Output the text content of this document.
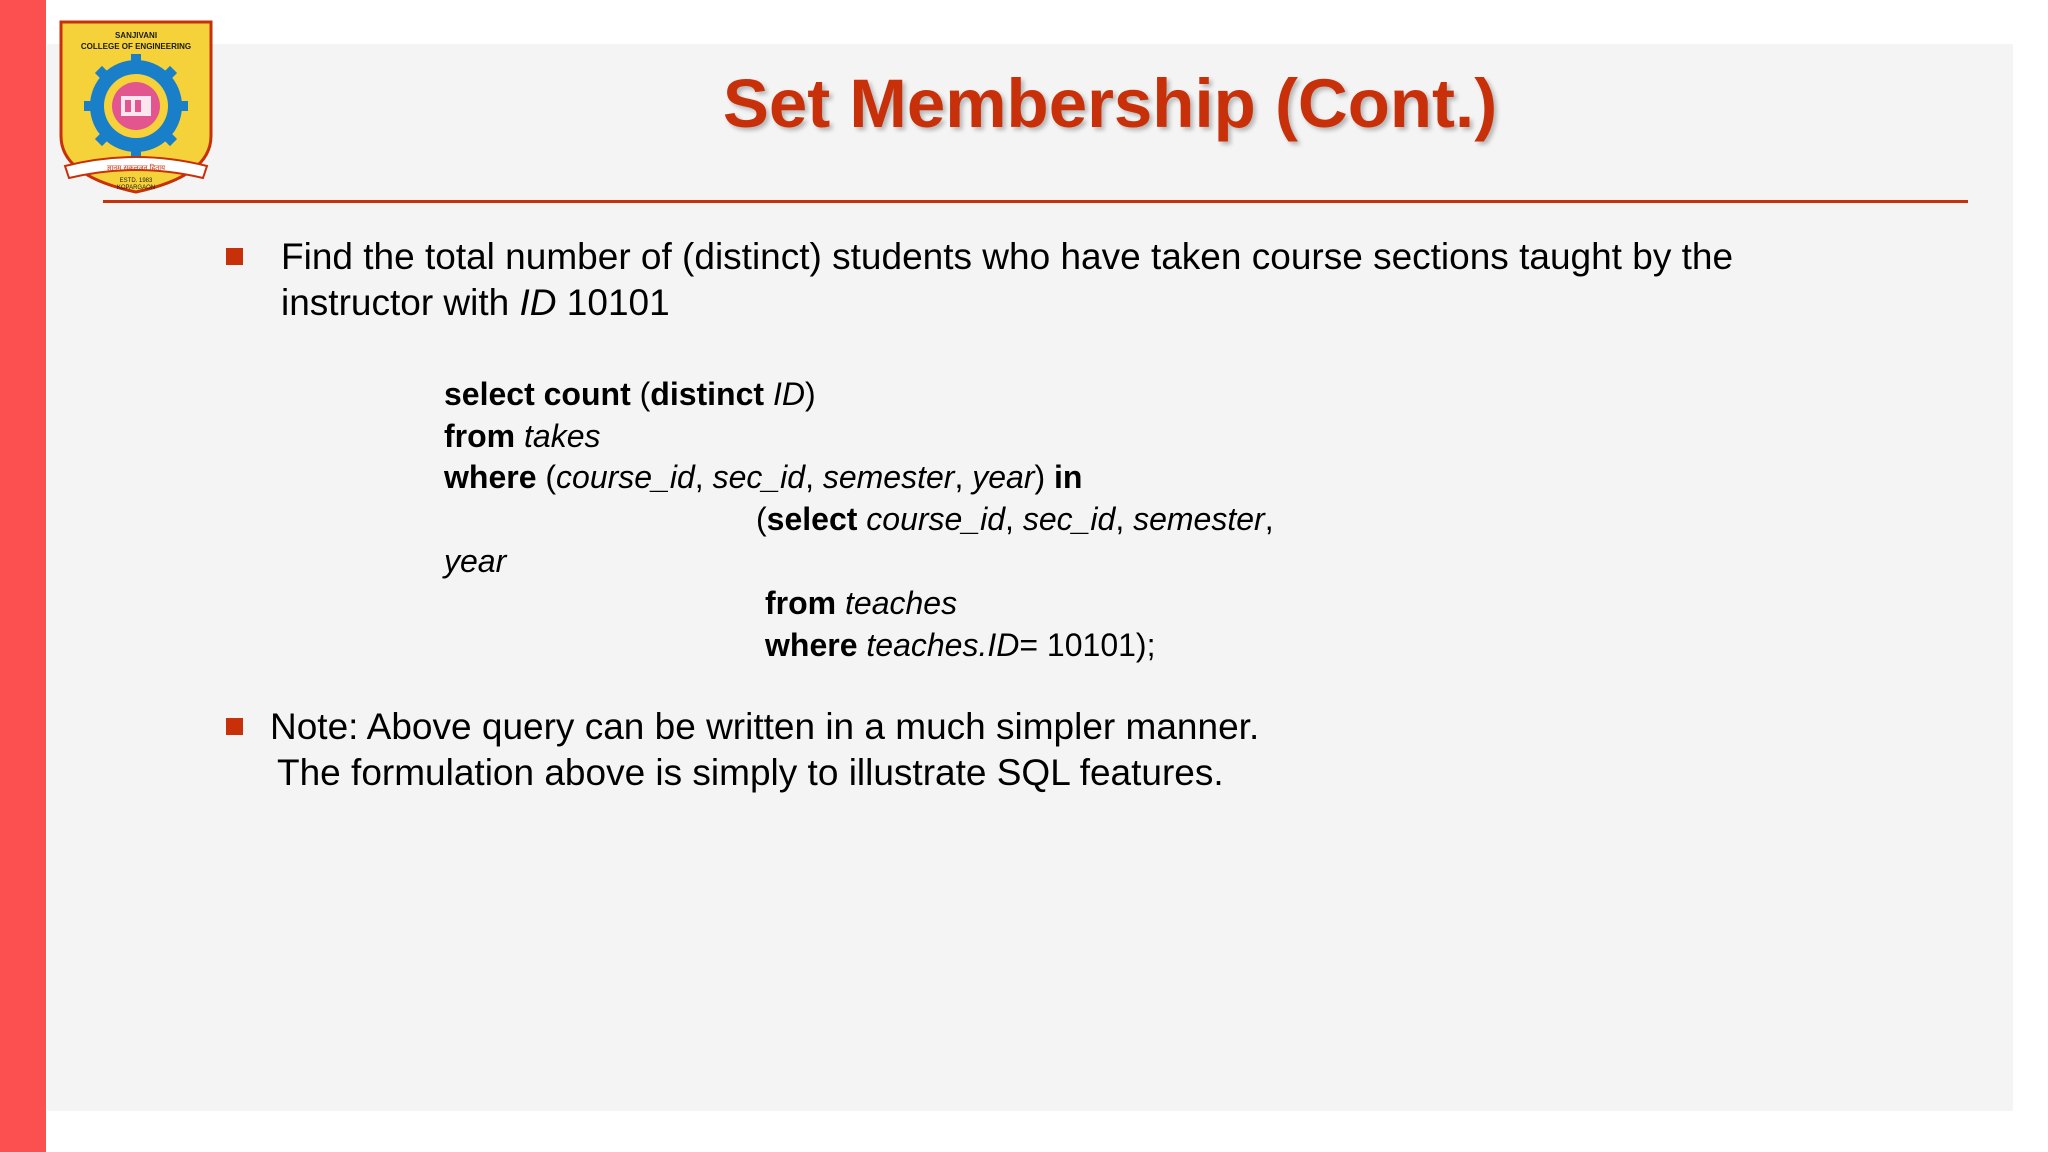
SANJIVANI
COLLEGE OF ENGINEERING
ज्ञानम् सकलजन हिताय
ESTD. 1983
KOPARGAON
Set Membership (Cont.)
Find the total number of (distinct) students who have taken course sections taught by the
instructor with ID 10101
select count (distinct ID)
from takes
where (course_id, sec_id, semester, year) in
(select course_id, sec_id, semester,
year
from teaches
where teaches.ID= 10101);
Note: Above query can be written in a much simpler manner.
The formulation above is simply to illustrate SQL features.
